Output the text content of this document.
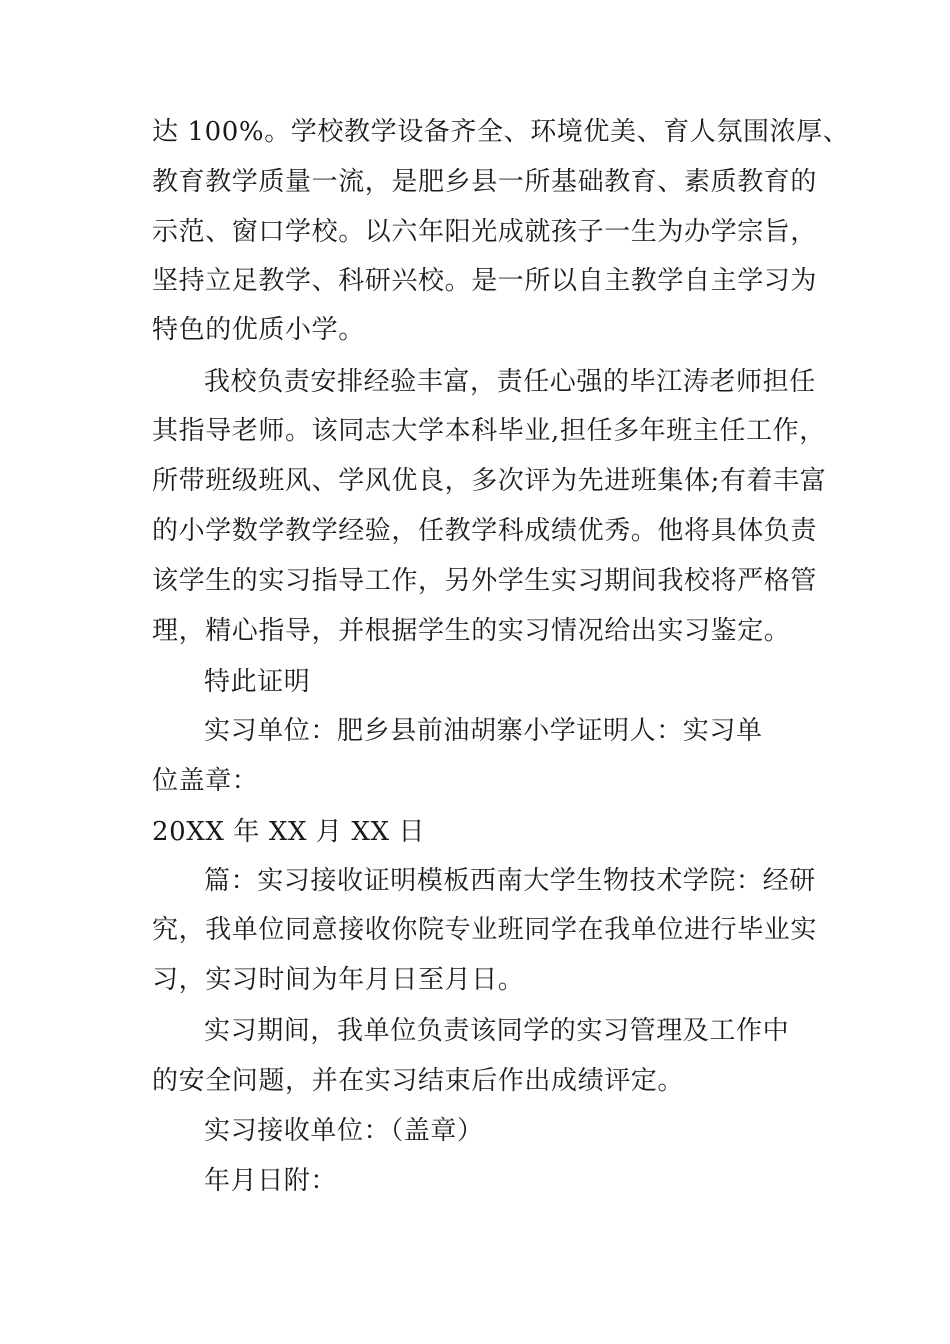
达 100%。学校教学设备齐全、环境优美、育人氛围浓厚、
教育教学质量一流，是肥乡县一所基础教育、素质教育的
示范、窗口学校。以六年阳光成就孩子一生为办学宗旨，
坚持立足教学、科研兴校。是一所以自主教学自主学习为
特色的优质小学。
我校负责安排经验丰富，责任心强的毕江涛老师担任
其指导老师。该同志大学本科毕业,担任多年班主任工作，
所带班级班风、学风优良，多次评为先进班集体;有着丰富
的小学数学教学经验，任教学科成绩优秀。他将具体负责
该学生的实习指导工作，另外学生实习期间我校将严格管
理，精心指导，并根据学生的实习情况给出实习鉴定。
特此证明
实习单位：肥乡县前油胡寨小学证明人：实习单
位盖章：
20XX 年 XX 月 XX 日
篇：实习接收证明模板西南大学生物技术学院：经研
究，我单位同意接收你院专业班同学在我单位进行毕业实
习，实习时间为年月日至月日。
实习期间，我单位负责该同学的实习管理及工作中
的安全问题，并在实习结束后作出成绩评定。
实习接收单位：（盖章）
年月日附：
